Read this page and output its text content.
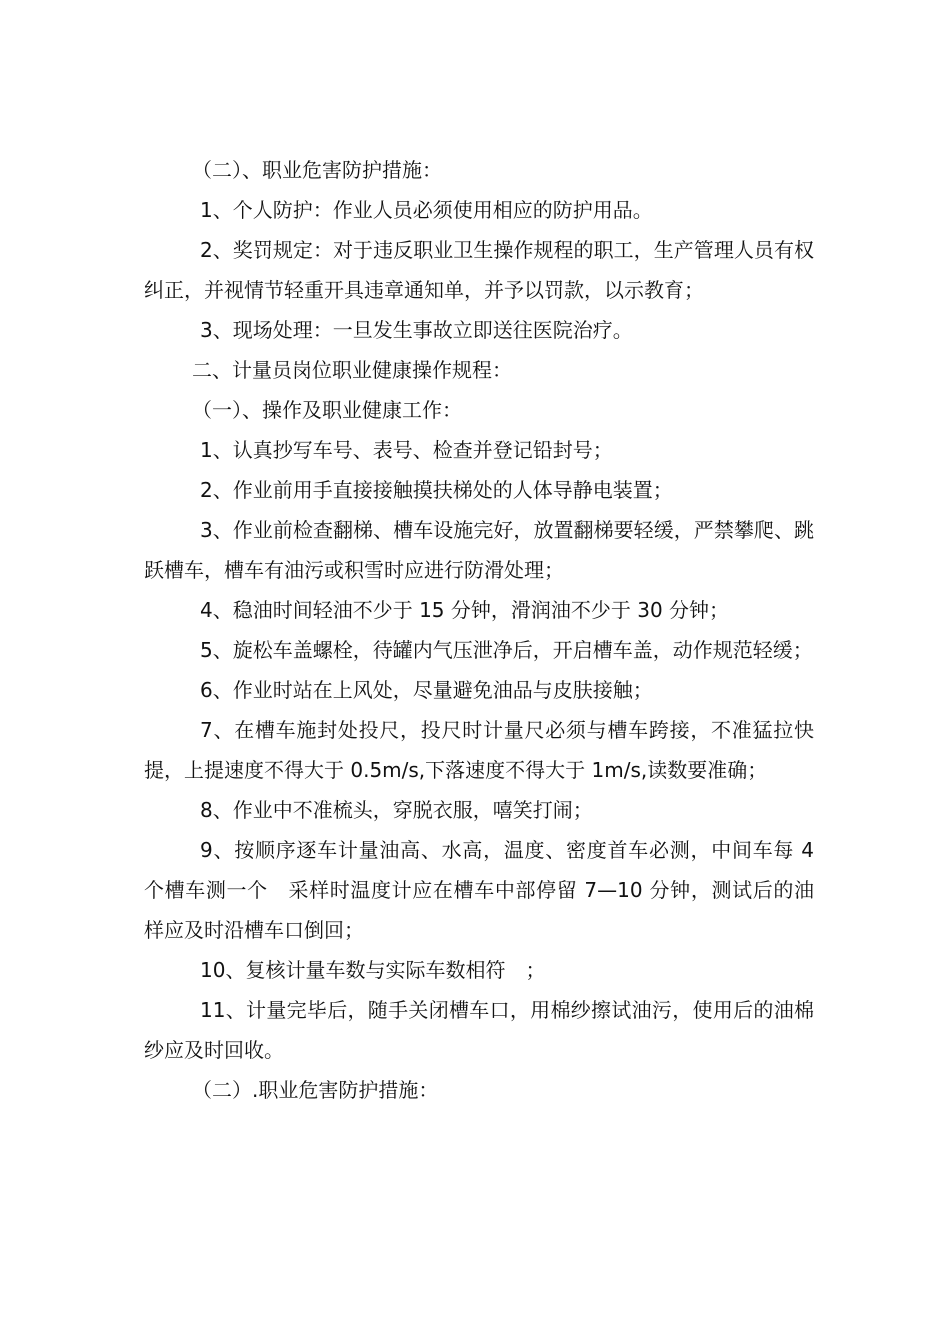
（二）、职业危害防护措施：

1、个人防护：作业人员必须使用相应的防护用品。

2、奖罚规定：对于违反职业卫生操作规程的职工，生产管理人员有权纠正，并视情节轻重开具违章通知单，并予以罚款，以示教育；

3、现场处理：一旦发生事故立即送往医院治疗。

二、计量员岗位职业健康操作规程：

（一）、操作及职业健康工作：

1、认真抄写车号、表号、检查并登记铅封号；

2、作业前用手直接接触摸扶梯处的人体导静电装置；

3、作业前检查翻梯、槽车设施完好，放置翻梯要轻缓，严禁攀爬、跳跃槽车，槽车有油污或积雪时应进行防滑处理；

4、稳油时间轻油不少于 15 分钟，滑润油不少于 30 分钟；

5、旋松车盖螺栓，待罐内气压泄净后，开启槽车盖，动作规范轻缓；

6、作业时站在上风处，尽量避免油品与皮肤接触；

7、在槽车施封处投尺，投尺时计量尺必须与槽车跨接，不准猛拉快提，上提速度不得大于 0.5m/s,下落速度不得大于 1m/s,读数要准确；

8、作业中不准梳头，穿脱衣服，嘻笑打闹；

9、按顺序逐车计量油高、水高，温度、密度首车必测，中间车每 4 个槽车测一个　采样时温度计应在槽车中部停留 7—10 分钟，测试后的油样应及时沿槽车口倒回；

10、复核计量车数与实际车数相符　；

11、计量完毕后，随手关闭槽车口，用棉纱擦试油污，使用后的油棉纱应及时回收。

（二）.职业危害防护措施：
